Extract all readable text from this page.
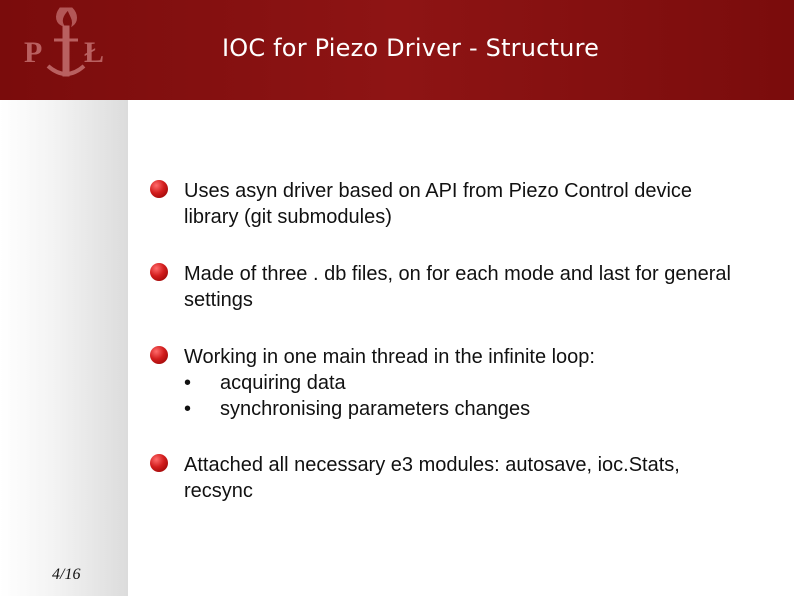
P Ł	IOC for Piezo Driver - Structure
Uses asyn driver based on API from Piezo Control device library (git submodules)
Made of three . db files, on for each mode and last for general settings
Working in one main thread in the infinite loop:
• acquiring data
• synchronising parameters changes
Attached all necessary e3 modules: autosave, ioc.Stats, recsync
4/16
